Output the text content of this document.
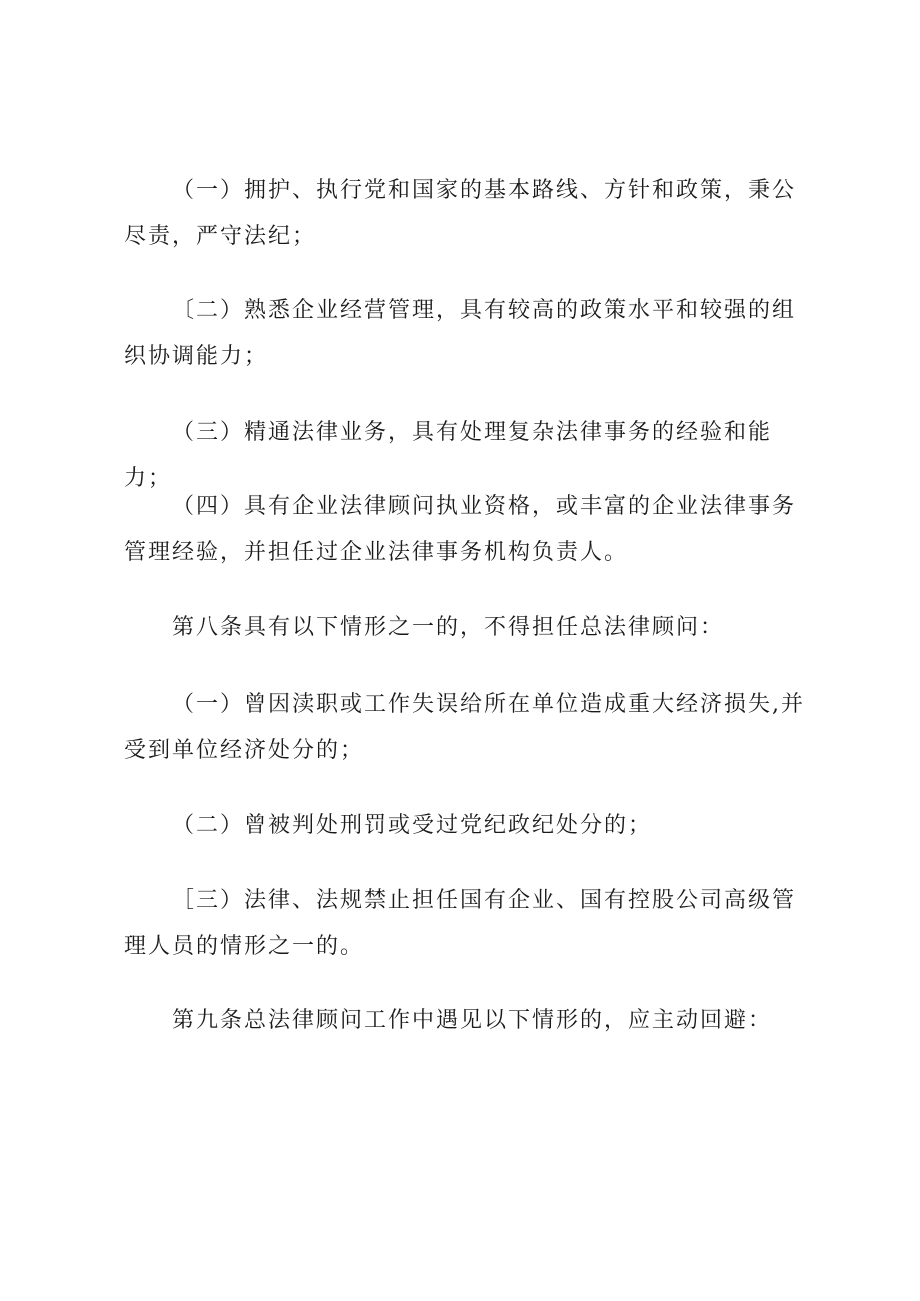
（一）拥护、执行党和国家的基本路线、方针和政策，秉公尽责，严守法纪；

〔二）熟悉企业经营管理，具有较高的政策水平和较强的组织协调能力；

（三）精通法律业务，具有处理复杂法律事务的经验和能力；

（四）具有企业法律顾问执业资格，或丰富的企业法律事务管理经验，并担任过企业法律事务机构负责人。

第八条具有以下情形之一的，不得担任总法律顾问：

（一）曾因渎职或工作失误给所在单位造成重大经济损失,并受到单位经济处分的；

（二）曾被判处刑罚或受过党纪政纪处分的；

［三）法律、法规禁止担任国有企业、国有控股公司高级管理人员的情形之一的。

第九条总法律顾问工作中遇见以下情形的，应主动回避：
